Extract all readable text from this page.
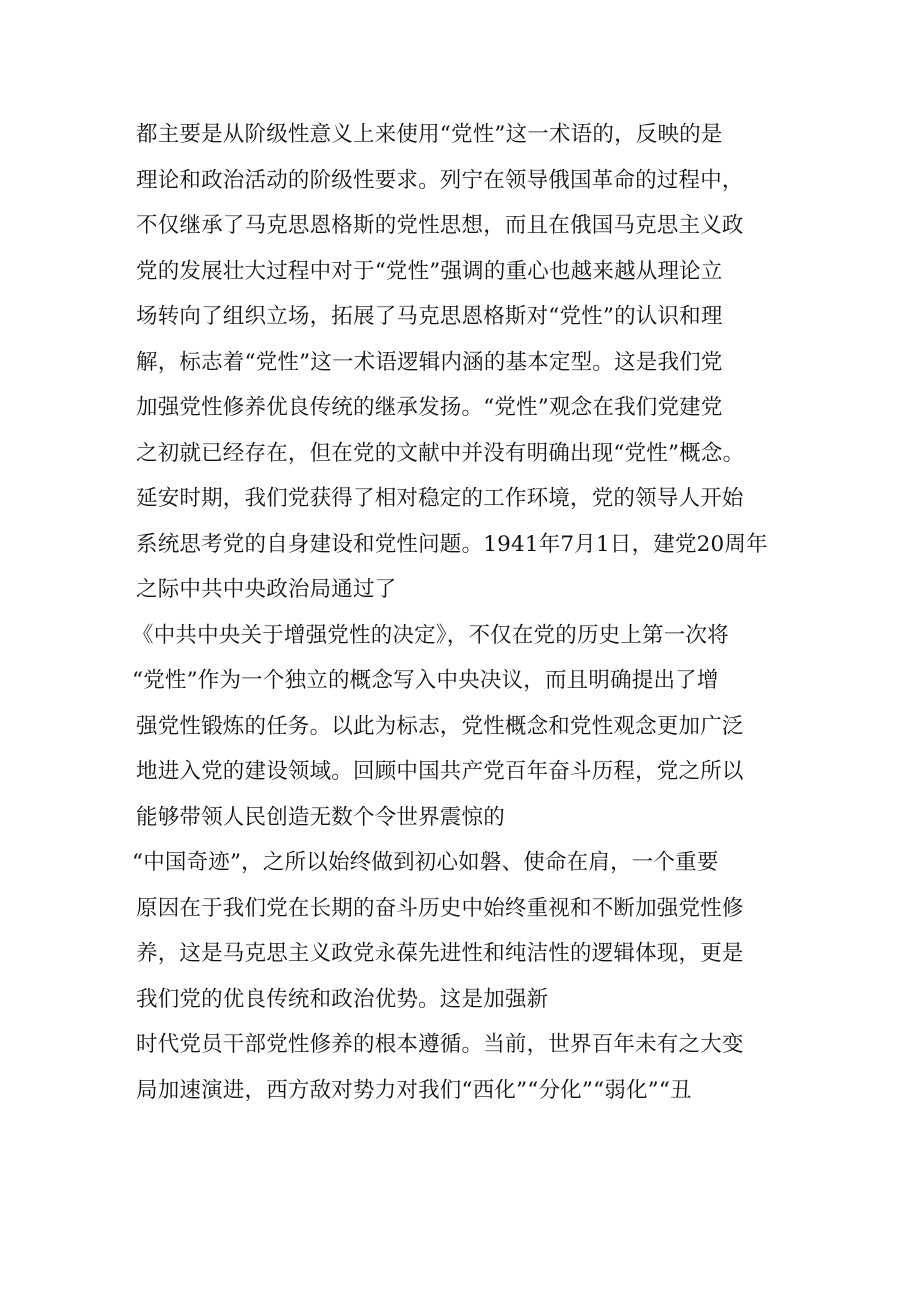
都主要是从阶级性意义上来使用“党性”这一术语的，反映的是
理论和政治活动的阶级性要求。列宁在领导俄国革命的过程中，
不仅继承了马克思恩格斯的党性思想，而且在俄国马克思主义政
党的发展壮大过程中对于“党性”强调的重心也越来越从理论立
场转向了组织立场，拓展了马克思恩格斯对“党性”的认识和理
解，标志着“党性”这一术语逻辑内涵的基本定型。这是我们党
加强党性修养优良传统的继承发扬。“党性”观念在我们党建党
之初就已经存在，但在党的文献中并没有明确出现“党性”概念。
延安时期，我们党获得了相对稳定的工作环境，党的领导人开始
系统思考党的自身建设和党性问题。1941年7月1日，建党20周年
之际中共中央政治局通过了
《中共中央关于增强党性的决定》，不仅在党的历史上第一次将
“党性”作为一个独立的概念写入中央决议，而且明确提出了增
强党性锻炼的任务。以此为标志，党性概念和党性观念更加广泛
地进入党的建设领域。回顾中国共产党百年奋斗历程，党之所以
能够带领人民创造无数个令世界震惊的
“中国奇迹”，之所以始终做到初心如磐、使命在肩，一个重要
原因在于我们党在长期的奋斗历史中始终重视和不断加强党性修
养，这是马克思主义政党永葆先进性和纯洁性的逻辑体现，更是
我们党的优良传统和政治优势。这是加强新
时代党员干部党性修养的根本遵循。当前，世界百年未有之大变
局加速演进，西方敌对势力对我们“西化”“分化”“弱化”“丑
